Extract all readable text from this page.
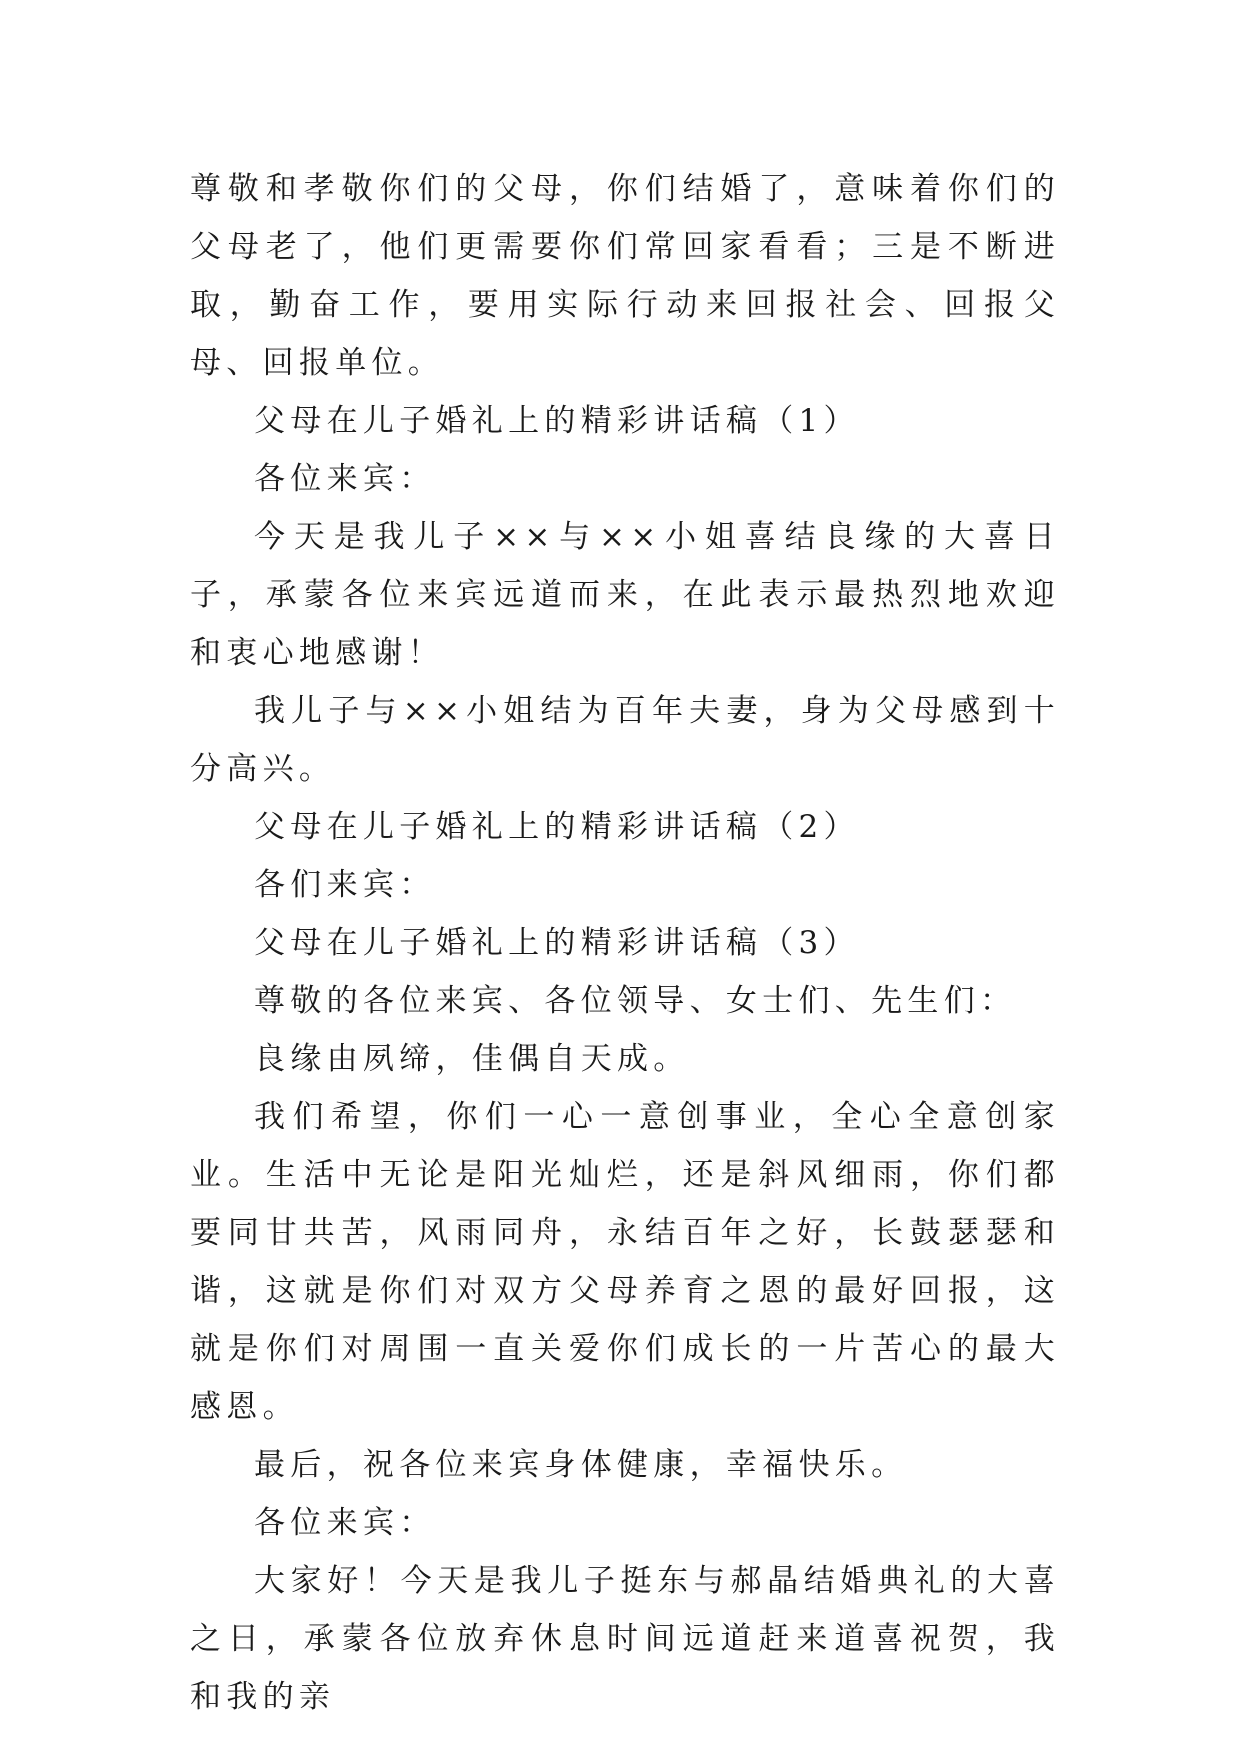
尊敬和孝敬你们的父母，你们结婚了，意味着你们的父母老了，他们更需要你们常回家看看；三是不断进取，勤奋工作，要用实际行动来回报社会、回报父母、回报单位。

父母在儿子婚礼上的精彩讲话稿（1）

各位来宾：

今天是我儿子××与××小姐喜结良缘的大喜日子，承蒙各位来宾远道而来，在此表示最热烈地欢迎和衷心地感谢！

我儿子与××小姐结为百年夫妻，身为父母感到十分高兴。

父母在儿子婚礼上的精彩讲话稿（2）

各们来宾：

父母在儿子婚礼上的精彩讲话稿（3）

尊敬的各位来宾、各位领导、女士们、先生们：

良缘由夙缔，佳偶自天成。

我们希望，你们一心一意创事业，全心全意创家业。生活中无论是阳光灿烂，还是斜风细雨，你们都要同甘共苦，风雨同舟，永结百年之好，长鼓瑟瑟和谐，这就是你们对双方父母养育之恩的最好回报，这就是你们对周围一直关爱你们成长的一片苦心的最大感恩。

最后，祝各位来宾身体健康，幸福快乐。

各位来宾：

大家好！今天是我儿子挺东与郝晶结婚典礼的大喜之日，承蒙各位放弃休息时间远道赶来道喜祝贺，我和我的亲
